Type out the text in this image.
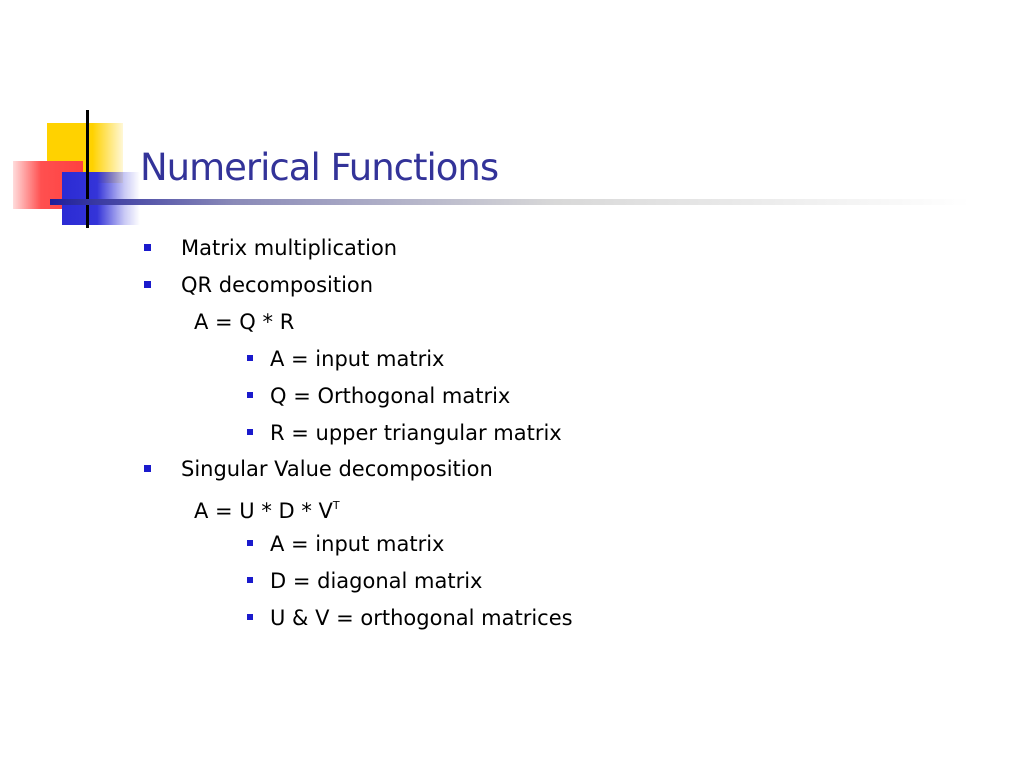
Numerical Functions
Matrix multiplication
QR decomposition
A = Q * R
A = input matrix
Q = Orthogonal matrix
R = upper triangular matrix
Singular Value decomposition
$A = U * D * V^T$
A = input matrix
D = diagonal matrix
U & V = orthogonal matrices
